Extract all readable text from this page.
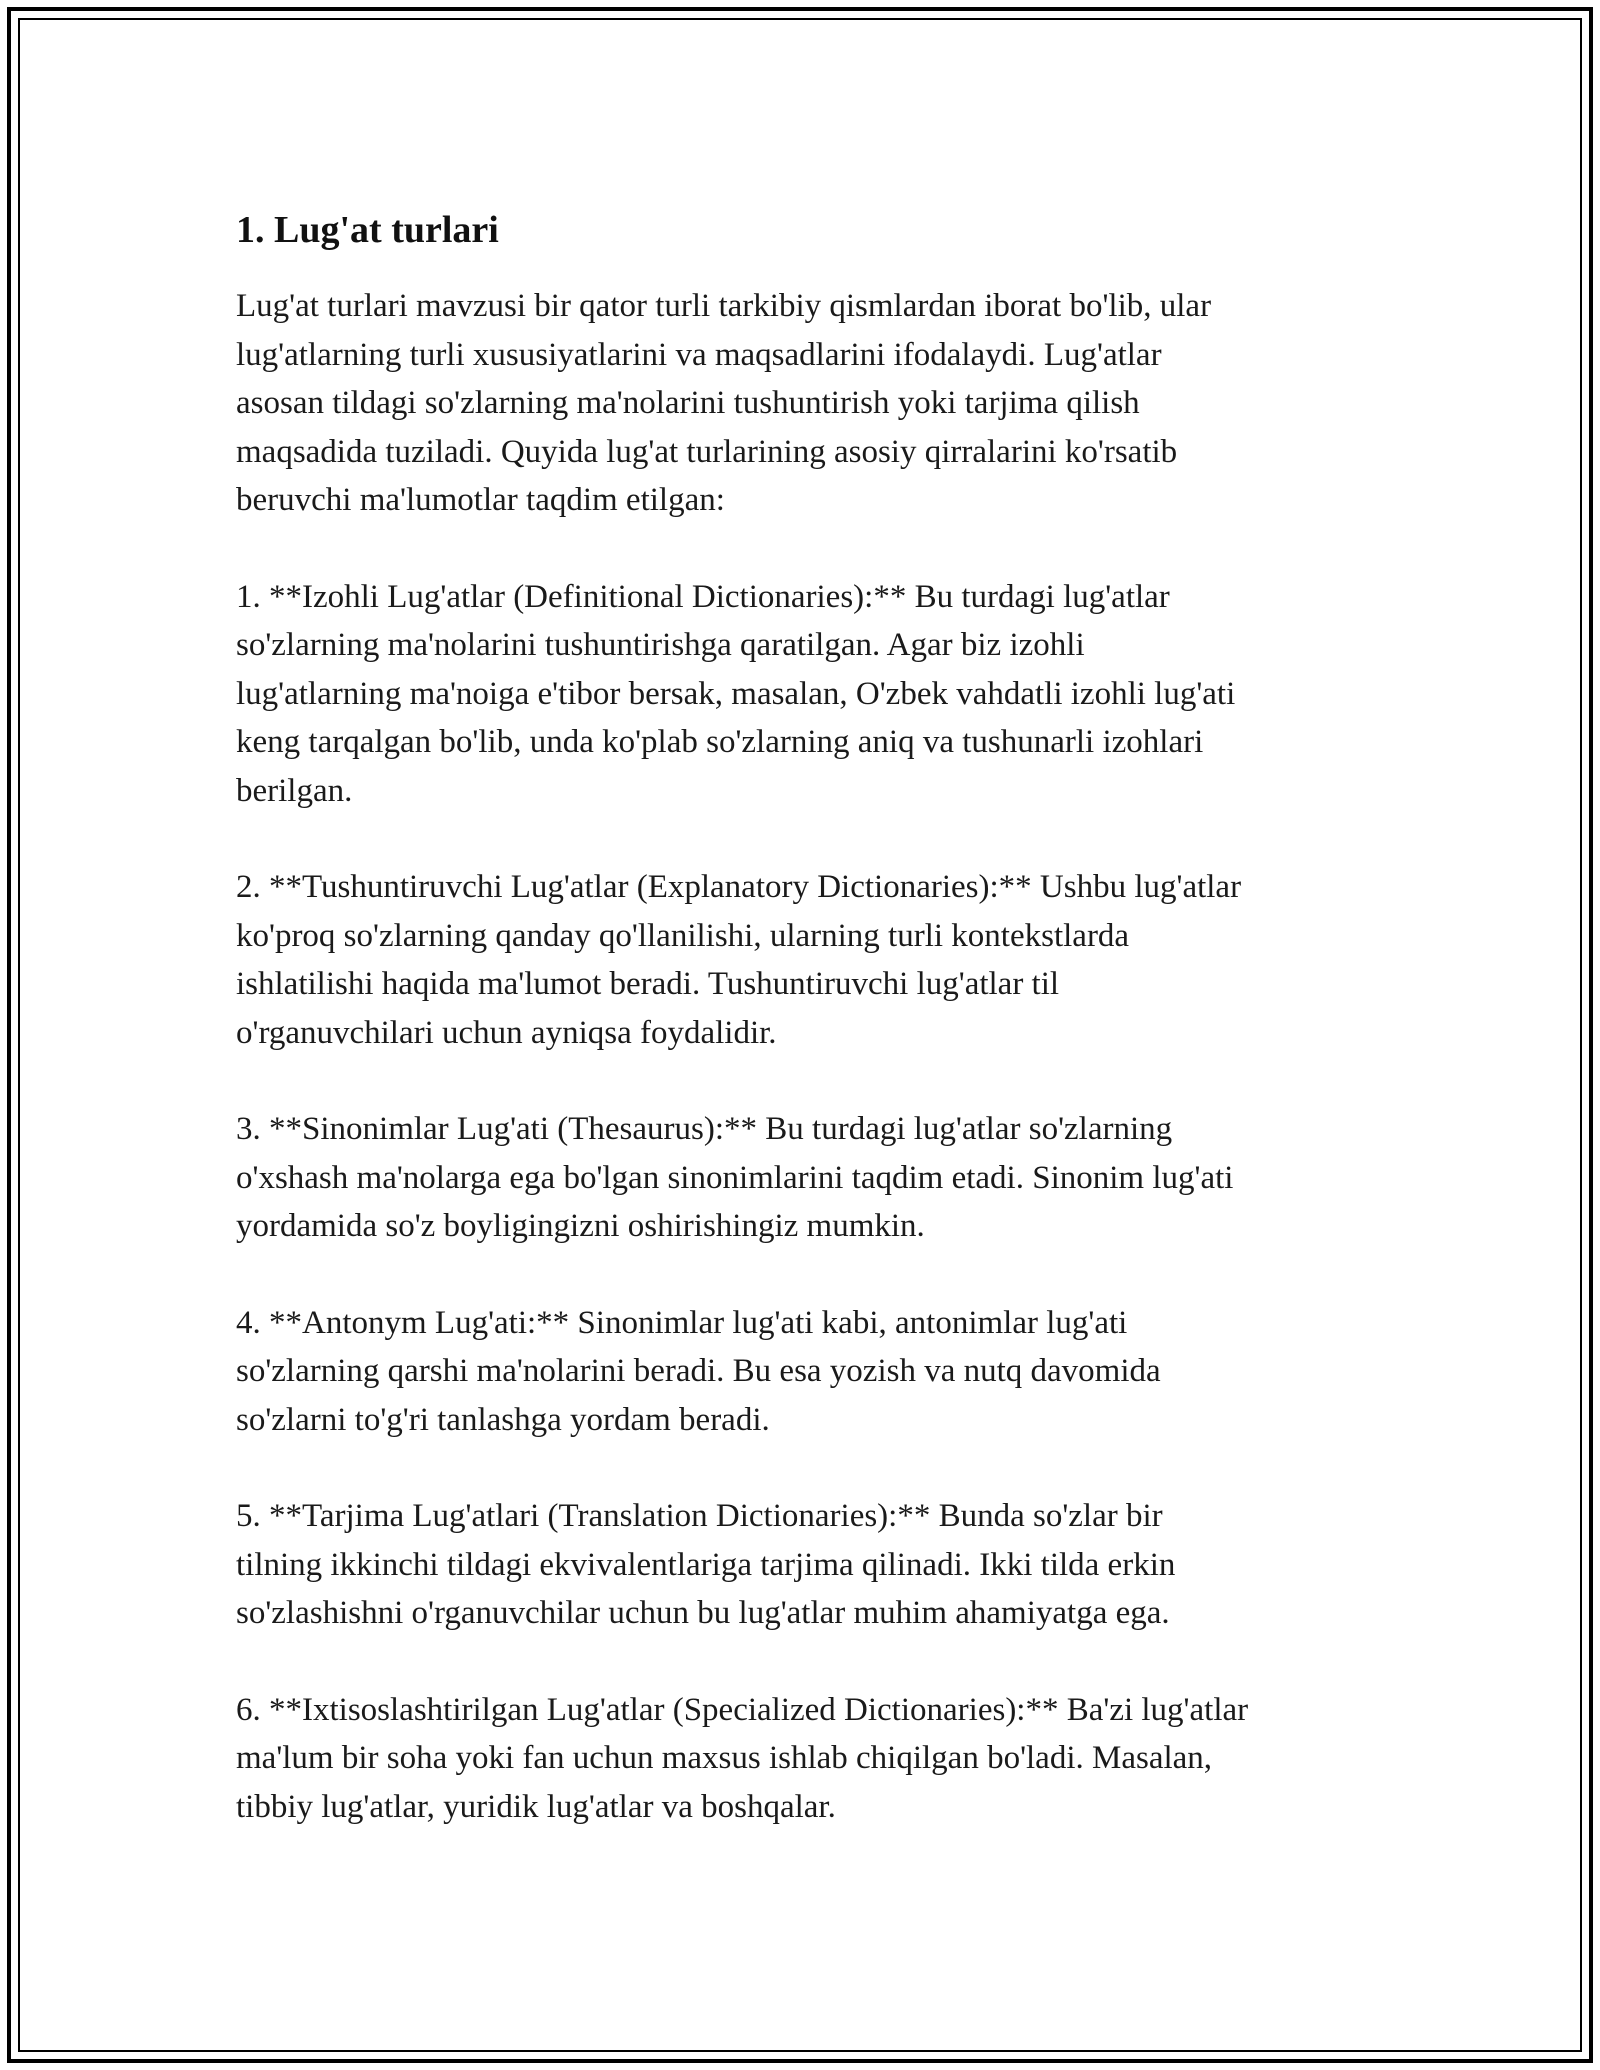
1. Lug'at turlari

Lug'at turlari mavzusi bir qator turli tarkibiy qismlardan iborat bo'lib, ular
lug'atlarning turli xususiyatlarini va maqsadlarini ifodalaydi. Lug'atlar
asosan tildagi so'zlarning ma'nolarini tushuntirish yoki tarjima qilish
maqsadida tuziladi. Quyida lug'at turlarining asosiy qirralarini ko'rsatib
beruvchi ma'lumotlar taqdim etilgan:

1. **Izohli Lug'atlar (Definitional Dictionaries):** Bu turdagi lug'atlar
so'zlarning ma'nolarini tushuntirishga qaratilgan. Agar biz izohli
lug'atlarning ma'noiga e'tibor bersak, masalan, O'zbek vahdatli izohli lug'ati
keng tarqalgan bo'lib, unda ko'plab so'zlarning aniq va tushunarli izohlari
berilgan.

2. **Tushuntiruvchi Lug'atlar (Explanatory Dictionaries):** Ushbu lug'atlar
ko'proq so'zlarning qanday qo'llanilishi, ularning turli kontekstlarda
ishlatilishi haqida ma'lumot beradi. Tushuntiruvchi lug'atlar til
o'rganuvchilari uchun ayniqsa foydalidir.

3. **Sinonimlar Lug'ati (Thesaurus):** Bu turdagi lug'atlar so'zlarning
o'xshash ma'nolarga ega bo'lgan sinonimlarini taqdim etadi. Sinonim lug'ati
yordamida so'z boyligingizni oshirishingiz mumkin.

4. **Antonym Lug'ati:** Sinonimlar lug'ati kabi, antonimlar lug'ati
so'zlarning qarshi ma'nolarini beradi. Bu esa yozish va nutq davomida
so'zlarni to'g'ri tanlashga yordam beradi.

5. **Tarjima Lug'atlari (Translation Dictionaries):** Bunda so'zlar bir
tilning ikkinchi tildagi ekvivalentlariga tarjima qilinadi. Ikki tilda erkin
so'zlashishni o'rganuvchilar uchun bu lug'atlar muhim ahamiyatga ega.

6. **Ixtisoslashtirilgan Lug'atlar (Specialized Dictionaries):** Ba'zi lug'atlar
ma'lum bir soha yoki fan uchun maxsus ishlab chiqilgan bo'ladi. Masalan,
tibbiy lug'atlar, yuridik lug'atlar va boshqalar.
